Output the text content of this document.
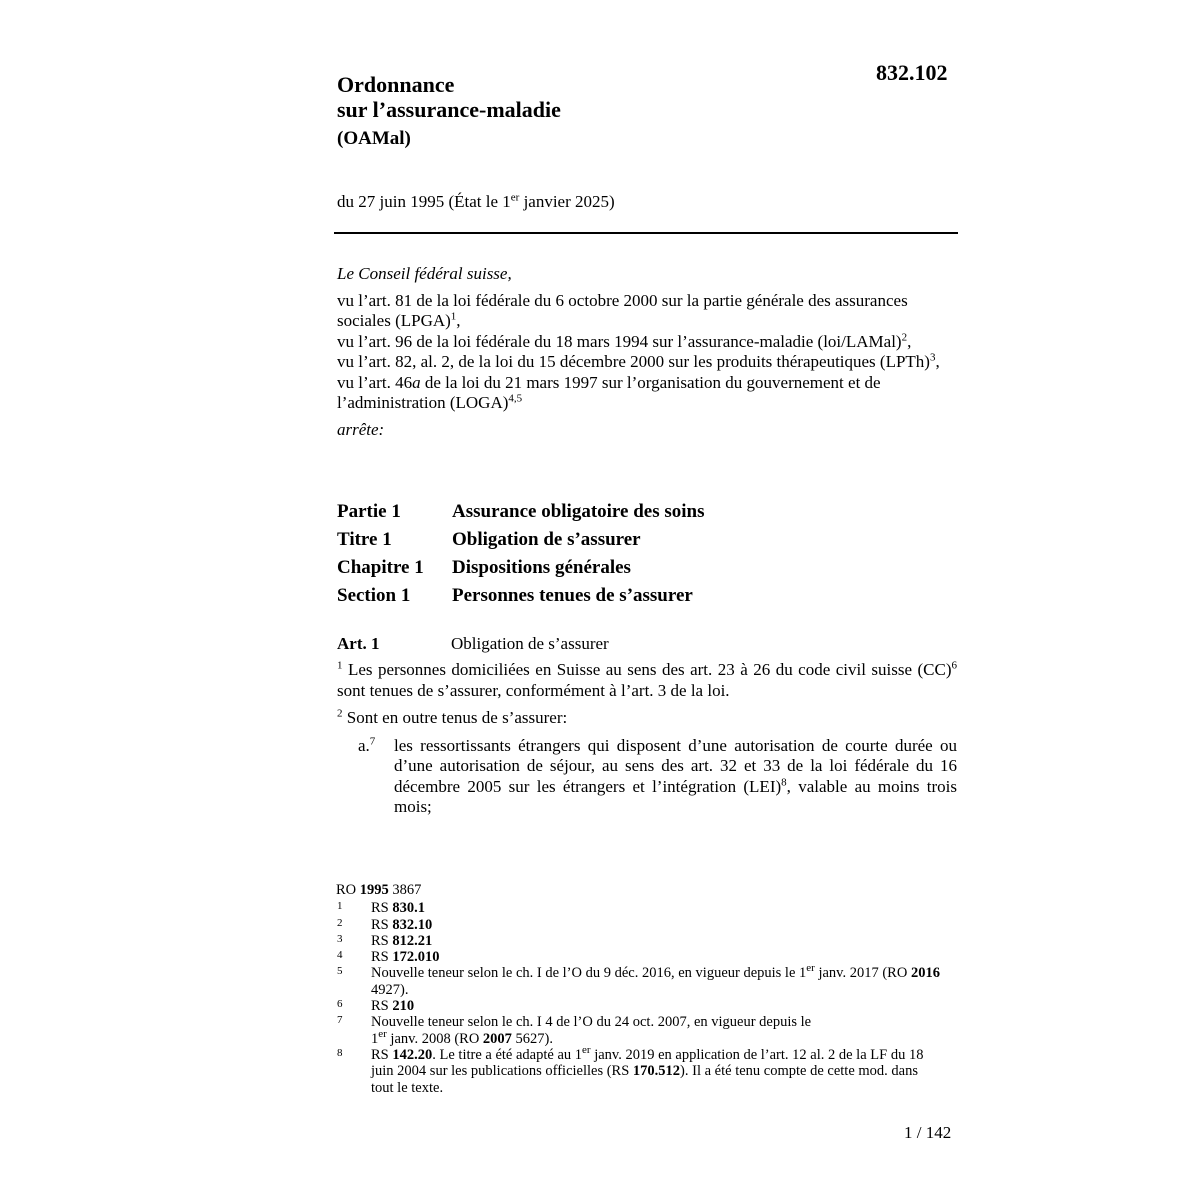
832.102
Ordonnance
sur l’assurance-maladie
(OAMal)
du 27 juin 1995 (État le 1er janvier 2025)

Le Conseil fédéral suisse,

vu l’art. 81 de la loi fédérale du 6 octobre 2000 sur la partie générale des assurances sociales (LPGA)$^1$,

vu l’art. 96 de la loi fédérale du 18 mars 1994 sur l’assurance-maladie (loi/LAMal)$^2$,

vu l’art. 82, al. 2, de la loi du 15 décembre 2000 sur les produits thérapeutiques (LPTh)$^3$,

vu l’art. 46a de la loi du 21 mars 1997 sur l’organisation du gouvernement et de l’administration (LOGA)$^{4,5}$

arrête:

Partie 1	Assurance obligatoire des soins
Titre 1	Obligation de s’assurer
Chapitre 1 Dispositions générales
Section 1 Personnes tenues de s’assurer
Art. 1	Obligation de s’assurer
$^1$ Les personnes domiciliées en Suisse au sens des art. 23 à 26 du code civil suisse (CC)$^6$ sont tenues de s’assurer, conformément à l’art. 3 de la loi.
$^2$ Sont en outre tenus de s’assurer:
a.$^7$ les ressortissants étrangers qui disposent d’une autorisation de courte durée ou d’une autorisation de séjour, au sens des art. 32 et 33 de la loi fédérale du 16 décembre 2005 sur les étrangers et l’intégration (LEI)$^8$, valable au moins trois mois;
RO 1995 3867
1 RS 830.1
2 RS 832.10
3 RS 812.21
4 RS 172.010
5 Nouvelle teneur selon le ch. I de l’O du 9 déc. 2016, en vigueur depuis le 1er janv. 2017 (RO 2016 4927).
6 RS 210
7 Nouvelle teneur selon le ch. I 4 de l’O du 24 oct. 2007, en vigueur depuis le
1er janv. 2008 (RO 2007 5627).
8 RS 142.20. Le titre a été adapté au 1er janv. 2019 en application de l’art. 12 al. 2 de la LF du 18 juin 2004 sur les publications officielles (RS 170.512). Il a été tenu compte de cette mod. dans tout le texte.
1 / 142
